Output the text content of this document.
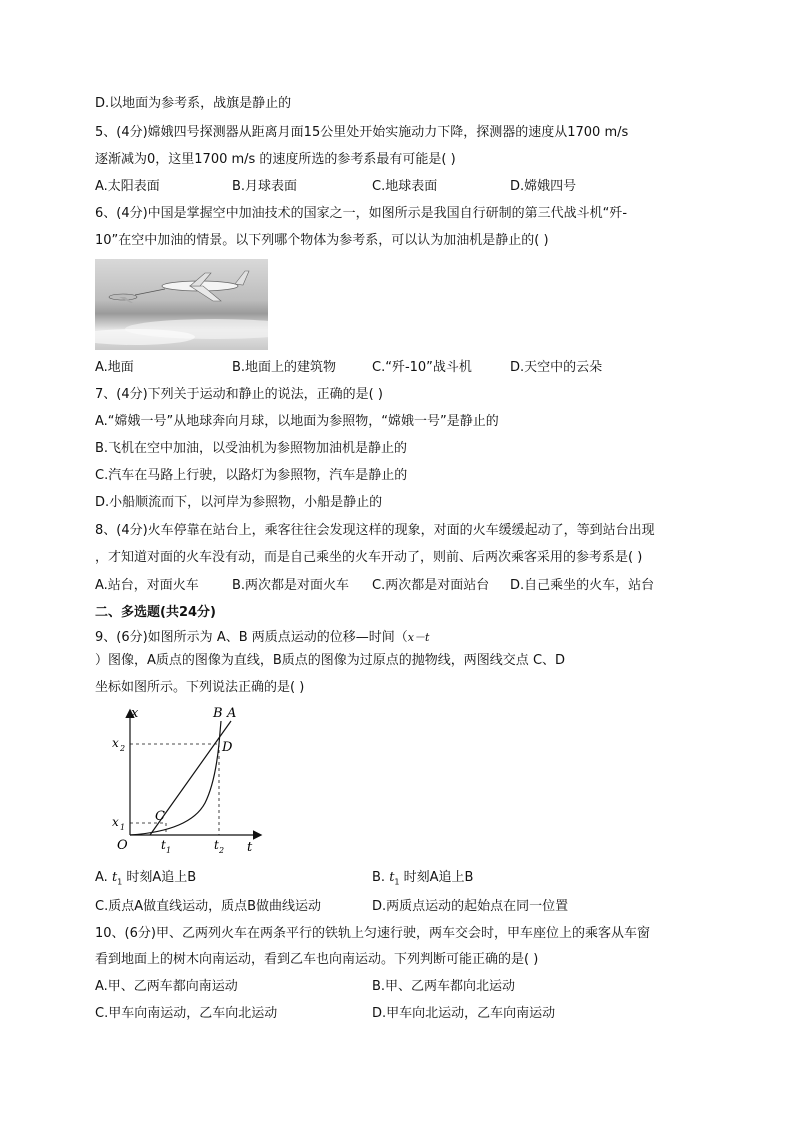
D.以地面为参考系，战旗是静止的
5、(4分)嫦娥四号探测器从距离月面15公里处开始实施动力下降，探测器的速度从1700 m/s
逐渐减为0，这里1700 m/s 的速度所选的参考系最有可能是( )
A.太阳表面	B.月球表面	C.地球表面	D.嫦娥四号
6、(4分)中国是掌握空中加油技术的国家之一，如图所示是我国自行研制的第三代战斗机“歼-
10”在空中加油的情景。以下列哪个物体为参考系，可以认为加油机是静止的( )
A.地面	B.地面上的建筑物	C.“歼-10”战斗机	D.天空中的云朵
7、(4分)下列关于运动和静止的说法，正确的是( )
A.“嫦娥一号”从地球奔向月球，以地面为参照物，“嫦娥一号”是静止的
B.飞机在空中加油，以受油机为参照物加油机是静止的
C.汽车在马路上行驶，以路灯为参照物，汽车是静止的
D.小船顺流而下，以河岸为参照物，小船是静止的
8、(4分)火车停靠在站台上，乘客往往会发现这样的现象，对面的火车缓缓起动了，等到站台出现
，才知道对面的火车没有动，而是自己乘坐的火车开动了，则前、后两次乘客采用的参考系是( )
A.站台，对面火车	B.两次都是对面火车 C.两次都是对面站台 D.自己乘坐的火车，站台
二、多选题(共24分)
9、(6分)如图所示为 A、B 两质点运动的位移—时间（x－t
）图像，A质点的图像为直线，B质点的图像为过原点的抛物线，两图线交点 C、D
坐标如图所示。下列说法正确的是( )
x
t
O
x 2
x 1
t 1	t 2
C
D
B A
A. $t_1$ 时刻A追上B	B. $t_1$ 时刻A追上B
C.质点A做直线运动，质点B做曲线运动	D.两质点运动的起始点在同一位置
10、(6分)甲、乙两列火车在两条平行的铁轨上匀速行驶，两车交会时，甲车座位上的乘客从车窗
看到地面上的树木向南运动，看到乙车也向南运动。下列判断可能正确的是( )
A.甲、乙两车都向南运动	B.甲、乙两车都向北运动
C.甲车向南运动，乙车向北运动	D.甲车向北运动，乙车向南运动
